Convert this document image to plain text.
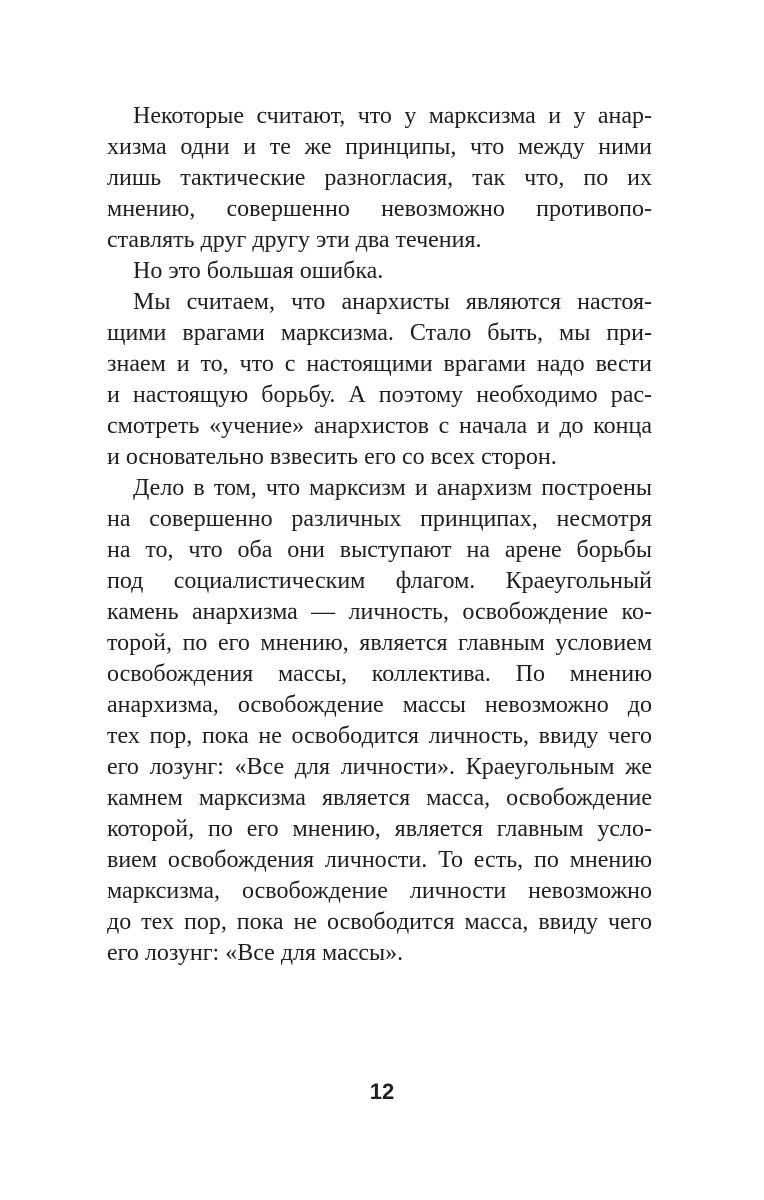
Некоторые считают, что у марксизма и у анар-
хизма одни и те же принципы, что между ними
лишь тактические разногласия, так что, по их
мнению, совершенно невозможно противопо-
ставлять друг другу эти два течения.
Но это большая ошибка.
Мы считаем, что анархисты являются настоя-
щими врагами марксизма. Стало быть, мы при-
знаем и то, что с настоящими врагами надо вести
и настоящую борьбу. А поэтому необходимо рас-
смотреть «учение» анархистов с начала и до конца
и основательно взвесить его со всех сторон.
Дело в том, что марксизм и анархизм построены
на совершенно различных принципах, несмотря
на то, что оба они выступают на арене борьбы
под социалистическим флагом. Краеугольный
камень анархизма — личность, освобождение ко-
торой, по его мнению, является главным условием
освобождения массы, коллектива. По мнению
анархизма, освобождение массы невозможно до
тех пор, пока не освободится личность, ввиду чего
его лозунг: «Все для личности». Краеугольным же
камнем марксизма является масса, освобождение
которой, по его мнению, является главным усло-
вием освобождения личности. То есть, по мнению
марксизма, освобождение личности невозможно
до тех пор, пока не освободится масса, ввиду чего
его лозунг: «Все для массы».
12
